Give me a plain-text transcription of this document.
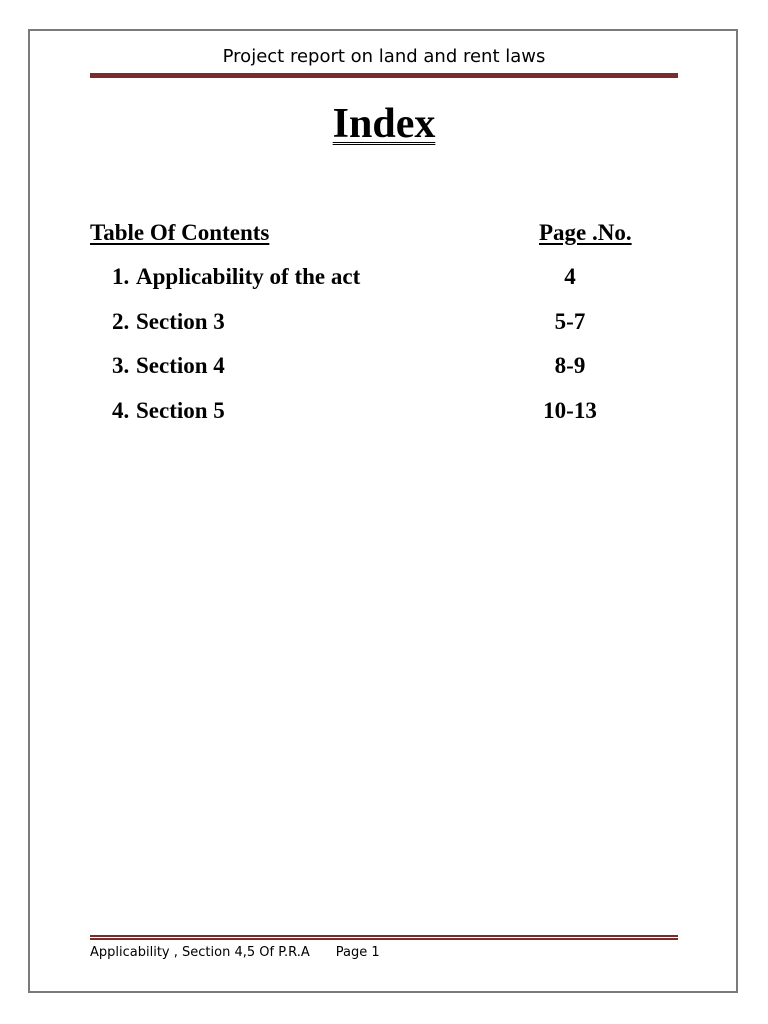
Project report on land and rent laws
Index
Table Of Contents	Page .No.
1. Applicability of the act	4
2. Section 3	5-7
3. Section 4	8-9
4. Section 5	10-13
Applicability , Section 4,5 Of P.R.A Page 1
